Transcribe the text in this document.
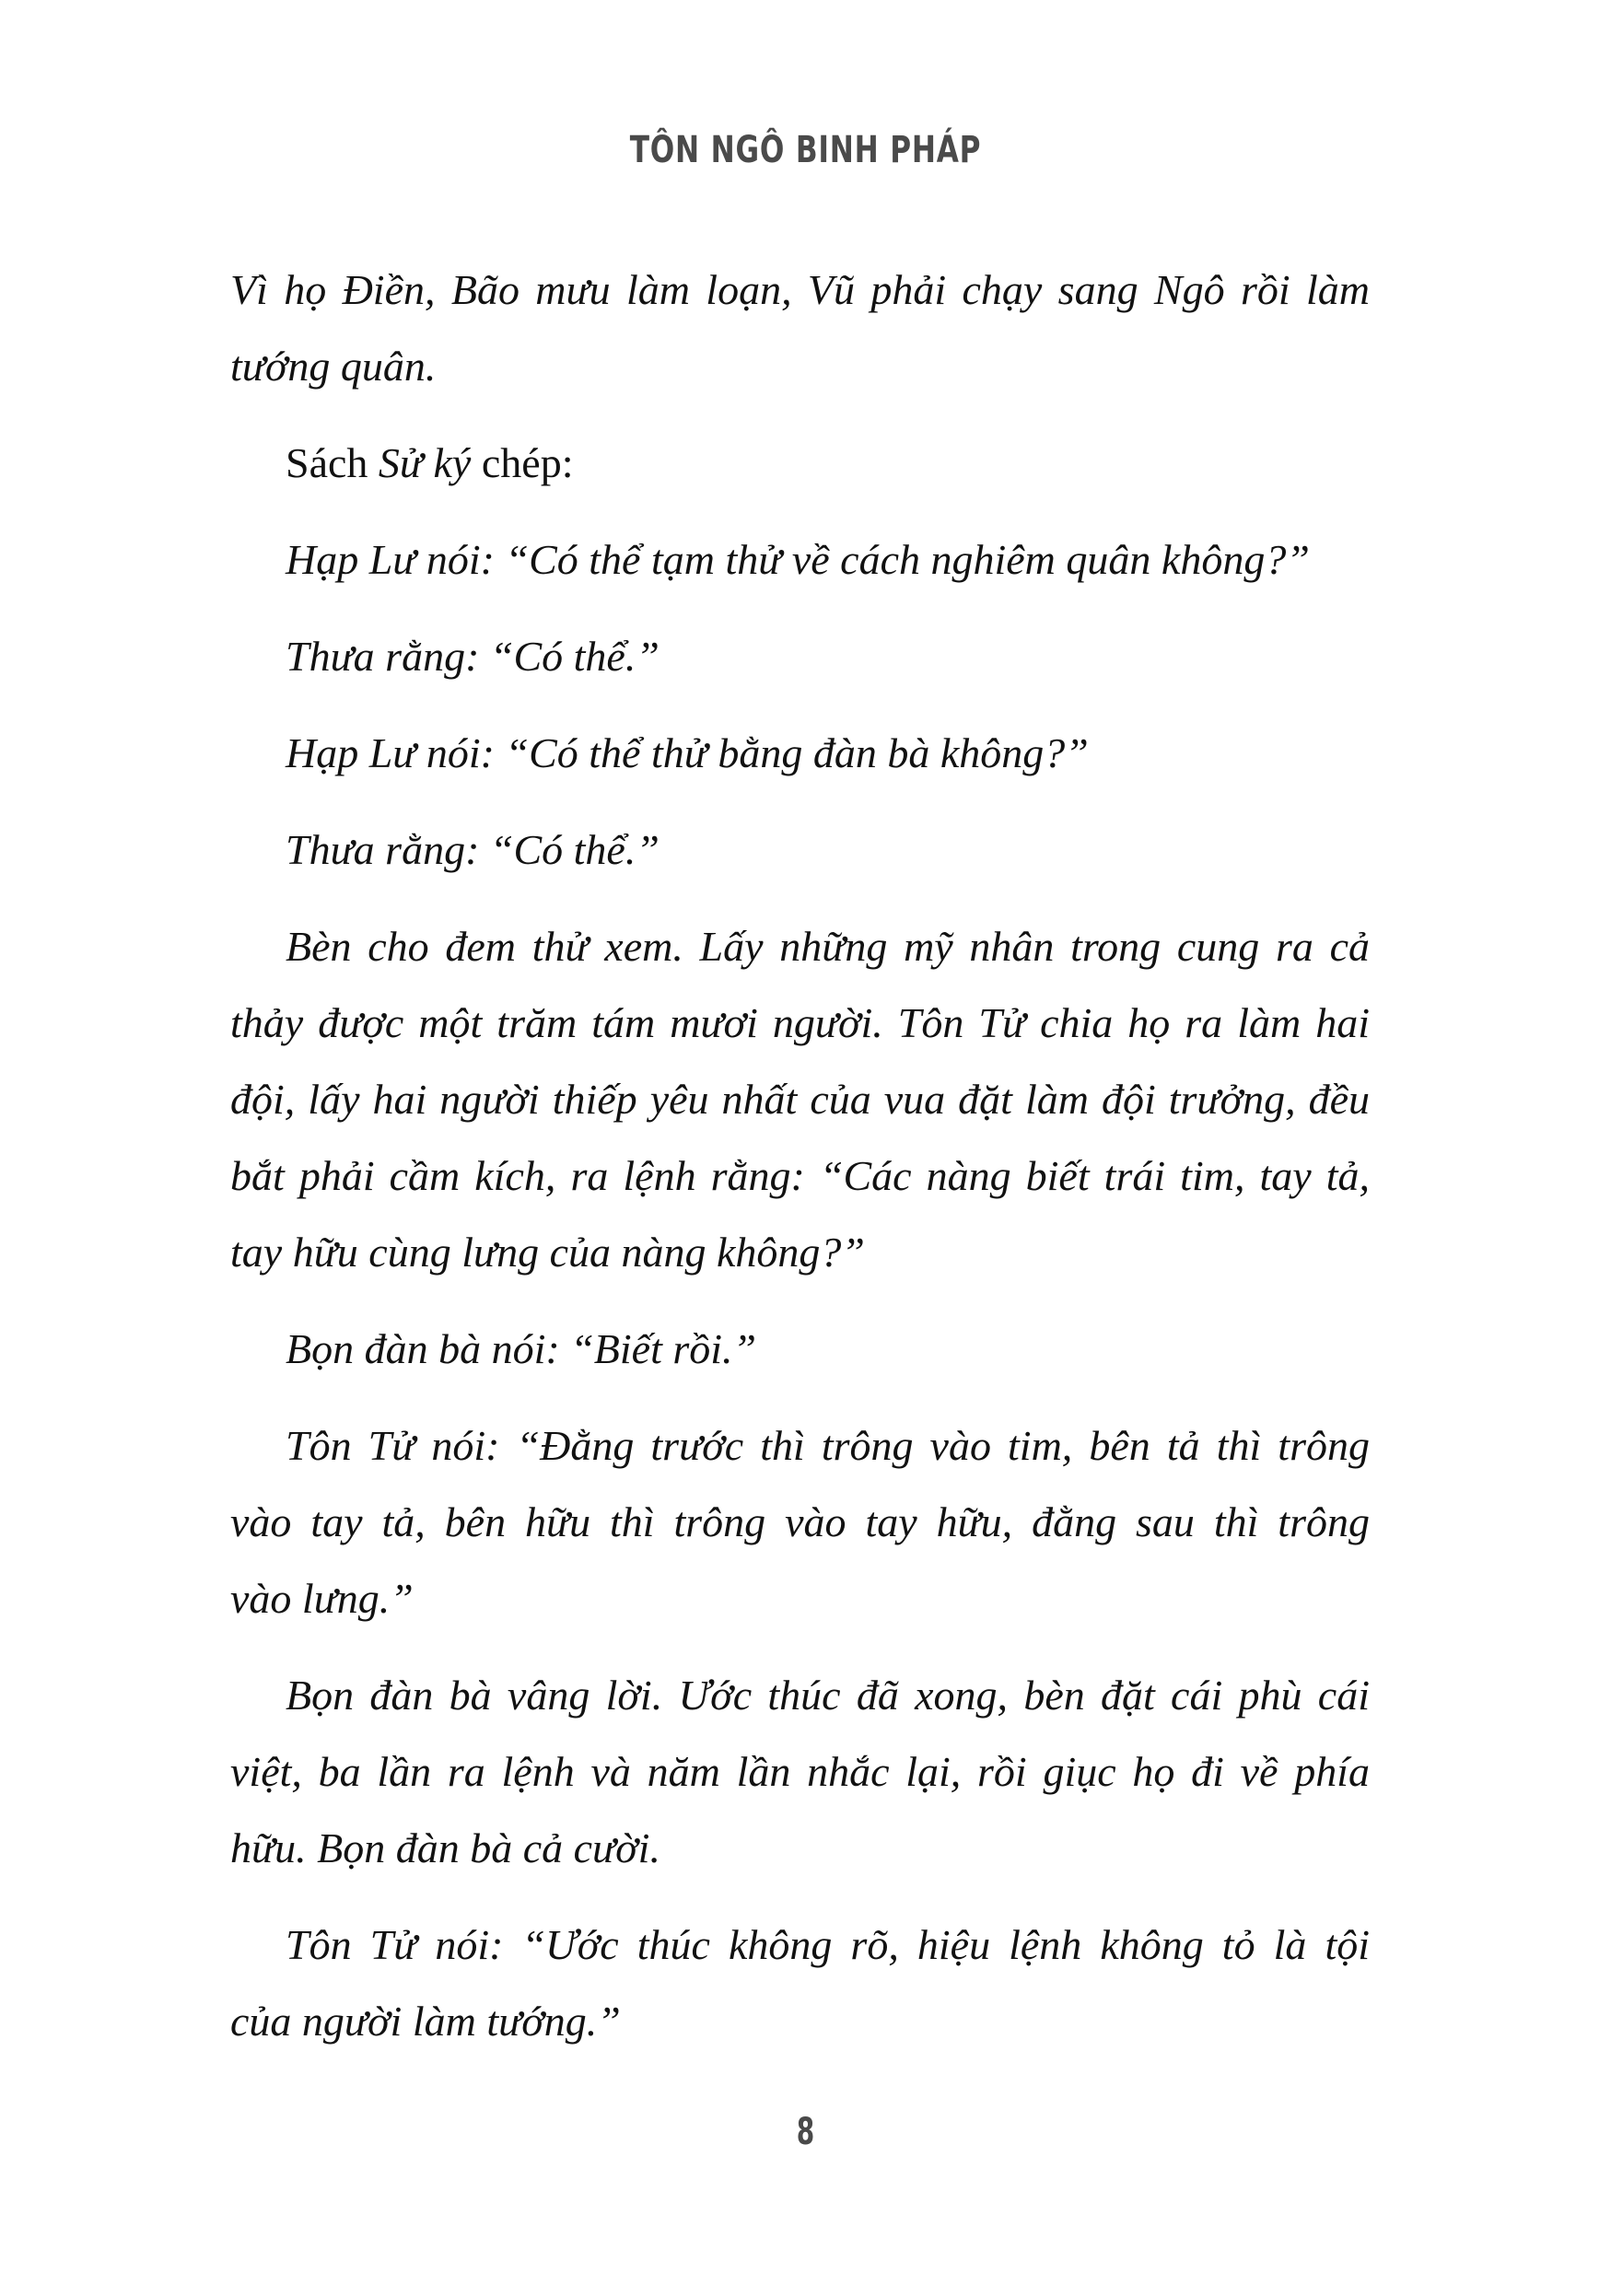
TÔN NGÔ BINH PHÁP
Vì họ Điền, Bão mưu làm loạn, Vũ phải chạy sang Ngô rồi làm
tướng quân.
Sách Sử ký chép:
Hạp Lư nói: “Có thể tạm thử về cách nghiêm quân không?”
Thưa rằng: “Có thể.”
Hạp Lư nói: “Có thể thử bằng đàn bà không?”
Thưa rằng: “Có thể.”
Bèn cho đem thử xem. Lấy những mỹ nhân trong cung ra cả
thảy được một trăm tám mươi người. Tôn Tử chia họ ra làm hai
đội, lấy hai người thiếp yêu nhất của vua đặt làm đội trưởng, đều
bắt phải cầm kích, ra lệnh rằng: “Các nàng biết trái tim, tay tả,
tay hữu cùng lưng của nàng không?”
Bọn đàn bà nói: “Biết rồi.”
Tôn Tử nói: “Đằng trước thì trông vào tim, bên tả thì trông
vào tay tả, bên hữu thì trông vào tay hữu, đằng sau thì trông
vào lưng.”
Bọn đàn bà vâng lời. Ước thúc đã xong, bèn đặt cái phù cái
việt, ba lần ra lệnh và năm lần nhắc lại, rồi giục họ đi về phía
hữu. Bọn đàn bà cả cười.
Tôn Tử nói: “Ước thúc không rõ, hiệu lệnh không tỏ là tội
của người làm tướng.”
8
